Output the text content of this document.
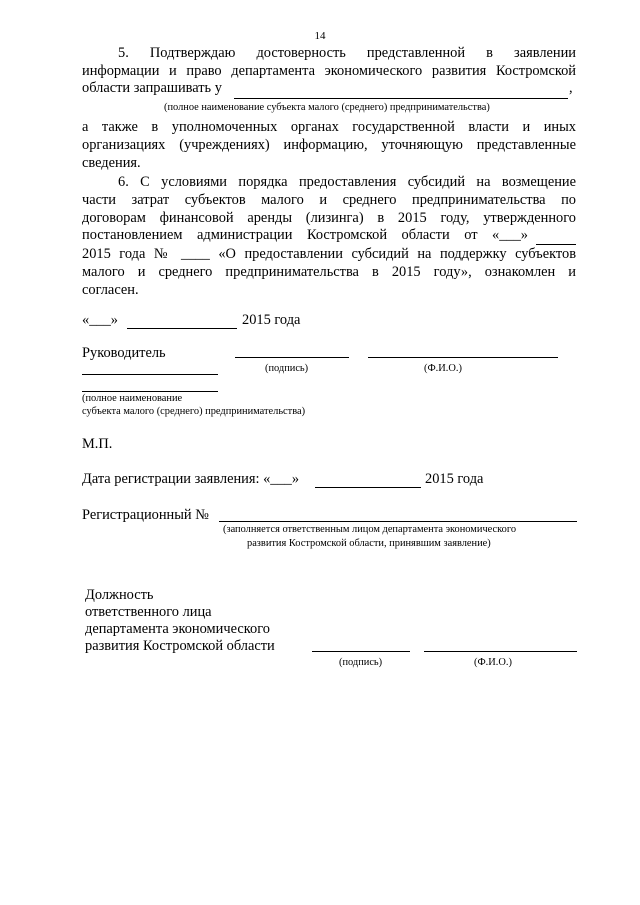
14
5. Подтверждаю достоверность представленной в заявлении
информации и право департамента экономического развития Костромской
области запрашивать у	,
(полное наименование субъекта малого (среднего) предпринимательства)
а также в уполномоченных органах государственной власти и иных
организациях (учреждениях) информацию, уточняющую представленные
сведения.
6. С условиями порядка предоставления субсидий на возмещение
части затрат субъектов малого и среднего предпринимательства по
договорам финансовой аренды (лизинга) в 2015 году, утвержденного
постановлением администрации Костромской области от «___»
2015 года № ____ «О предоставлении субсидий на поддержку субъектов
малого и среднего предпринимательства в 2015 году», ознакомлен и
согласен.
«___»	2015 года
Руководитель
(подпись)	(Ф.И.О.)
(полное наименование
субъекта малого (среднего) предпринимательства)
М.П.
Дата регистрации заявления: «___»	2015 года
Регистрационный №
(заполняется ответственным лицом департамента экономического
развития Костромской области, принявшим заявление)
Должность
ответственного лица
департамента экономического
развития Костромской области
(подпись)	(Ф.И.О.)
